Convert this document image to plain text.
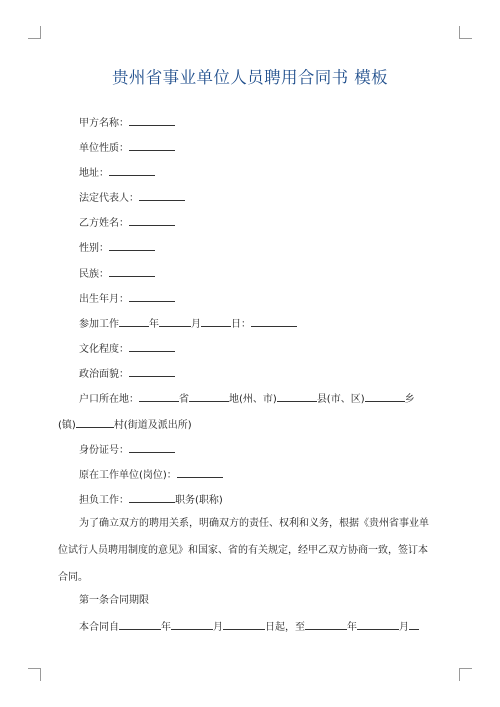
贵州省事业单位人员聘用合同书 模板
甲方名称：
单位性质：
地址：
法定代表人：
乙方姓名：
性别：
民族：
出生年月：
参加工作	年	月	日：
文化程度：
政治面貌：
户口所在地：	省	地(州、市)	县(市、区)	乡
(镇)	村(街道及派出所)
身份证号：
原在工作单位(岗位)：
担负工作：	职务(职称)
为了确立双方的聘用关系，明确双方的责任、权利和义务，根据《贵州省事业单
位试行人员聘用制度的意见》和国家、省的有关规定，经甲乙双方协商一致，签订本
合同。
第一条合同期限
本合同自	年	月	日起，至	年	月
